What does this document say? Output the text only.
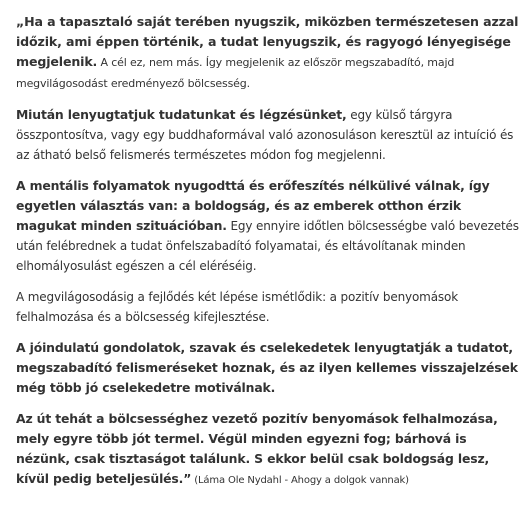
„Ha a tapasztaló saját terében nyugszik, miközben természetesen azzal időzik, ami éppen történik, a tudat lenyugszik, és ragyogó lényegisége megjelenik. A cél ez, nem más. Így megjelenik az először megszabadító, majd megvilágosodást eredményező bölcsesség.

Miután lenyugtatjuk tudatunkat és légzésünket, egy külső tárgyra összpontosítva, vagy egy buddhaformával való azonosuláson keresztül az intuíció és az átható belső felismerés természetes módon fog megjelenni.

A mentális folyamatok nyugodttá és erőfeszítés nélkülivé válnak, így egyetlen választás van: a boldogság, és az emberek otthon érzik magukat minden szituációban. Egy ennyire időtlen bölcsességbe való bevezetés után felébrednek a tudat önfelszabadító folyamatai, és eltávolítanak minden elhomályosulást egészen a cél eléréséig.

A megvilágosodásig a fejlődés két lépése ismétlődik: a pozitív benyomások felhalmozása és a bölcsesség kifejlesztése.

A jóindulatú gondolatok, szavak és cselekedetek lenyugtatják a tudatot, megszabadító felismeréseket hoznak, és az ilyen kellemes visszajelzések még több jó cselekedetre motiválnak.

Az út tehát a bölcsességhez vezető pozitív benyomások felhalmozása, mely egyre több jót termel. Végül minden egyezni fog; bárhová is nézünk, csak tisztaságot találunk. S ekkor belül csak boldogság lesz, kívül pedig beteljesülés.” (Láma Ole Nydahl - Ahogy a dolgok vannak)
